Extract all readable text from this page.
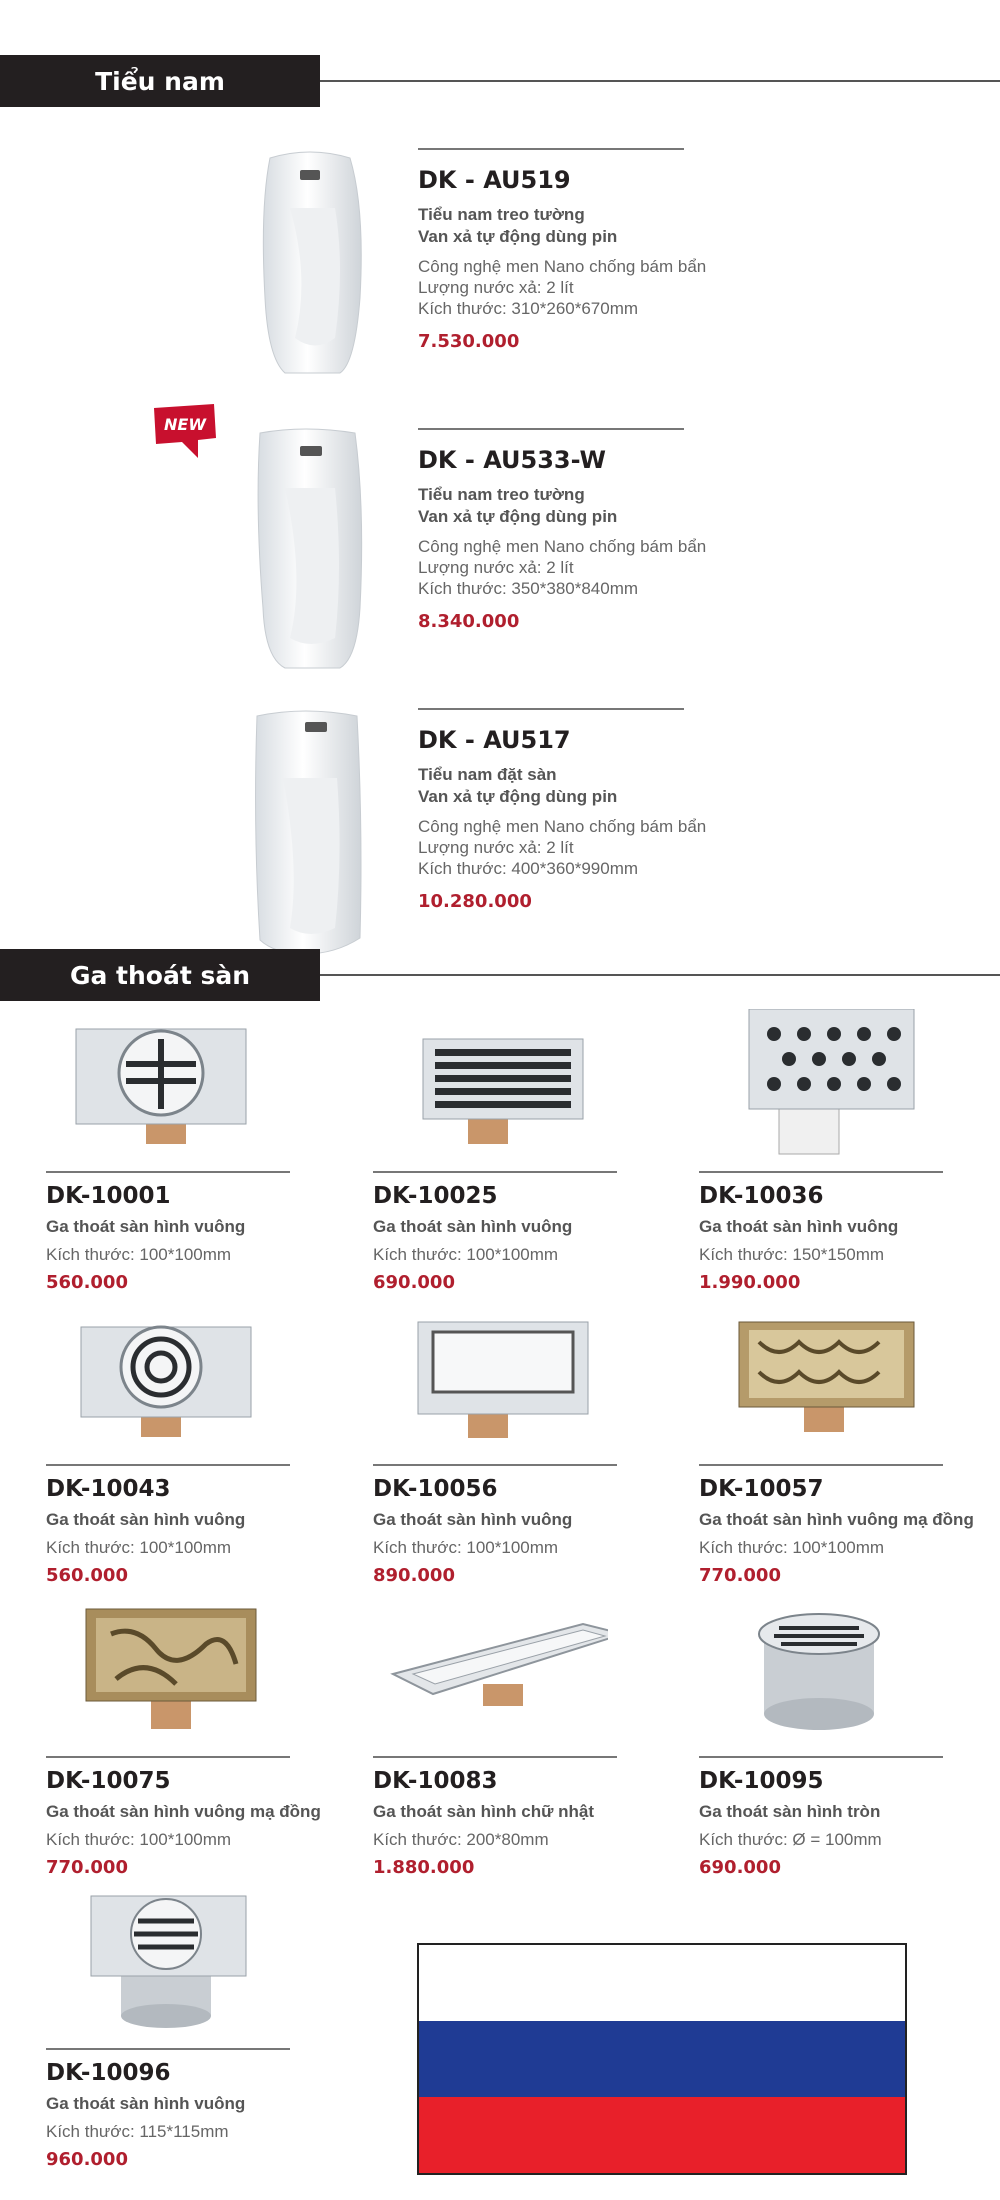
Tiểu nam
DK - AU519
Tiểu nam treo tường
Van xả tự động dùng pin
Công nghệ men Nano chống bám bẩn
Lượng nước xả: 2 lít
Kích thước: 310*260*670mm
7.530.000
NEW
DK - AU533-W
Tiểu nam treo tường
Van xả tự động dùng pin
Công nghệ men Nano chống bám bẩn
Lượng nước xả: 2 lít
Kích thước: 350*380*840mm
8.340.000
DK - AU517
Tiểu nam đặt sàn
Van xả tự động dùng pin
Công nghệ men Nano chống bám bẩn
Lượng nước xả: 2 lít
Kích thước: 400*360*990mm
10.280.000
Ga thoát sàn
DK-10001
Ga thoát sàn hình vuông
Kích thước: 100*100mm
560.000
DK-10025
Ga thoát sàn hình vuông
Kích thước: 100*100mm
690.000
DK-10036
Ga thoát sàn hình vuông
Kích thước: 150*150mm
1.990.000
DK-10043
Ga thoát sàn hình vuông
Kích thước: 100*100mm
560.000
DK-10056
Ga thoát sàn hình vuông
Kích thước: 100*100mm
890.000
DK-10057
Ga thoát sàn hình vuông mạ đồng
Kích thước: 100*100mm
770.000
DK-10075
Ga thoát sàn hình vuông mạ đồng
Kích thước: 100*100mm
770.000
DK-10083
Ga thoát sàn hình chữ nhật
Kích thước: 200*80mm
1.880.000
DK-10095
Ga thoát sàn hình tròn
Kích thước: Ø = 100mm
690.000
DK-10096
Ga thoát sàn hình vuông
Kích thước: 115*115mm
960.000
